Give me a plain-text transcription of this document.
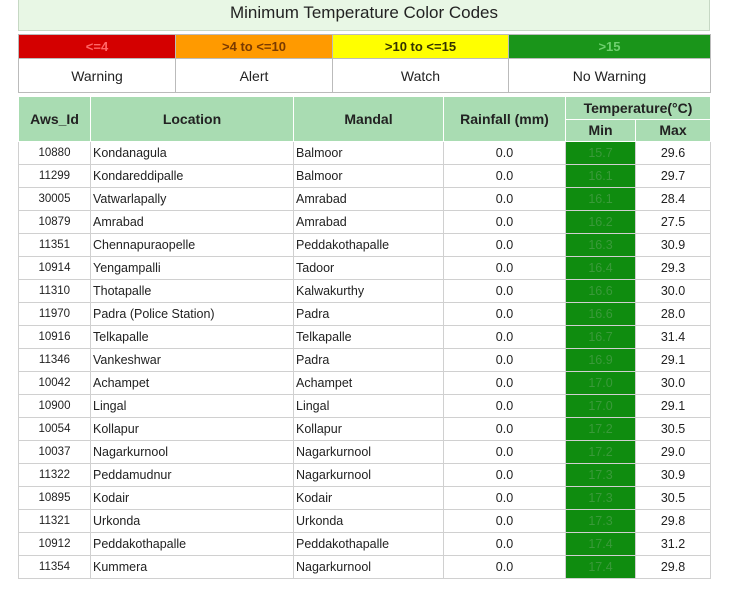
Minimum Temperature Color Codes
<=4	>4 to <=10	>10 to <=15	>15
Warning	Alert	Watch	No Warning
Aws_Id	Location	Mandal	Rainfall (mm)	Temperature(°C)	
				Min	Max
10880	Kondanagula	Balmoor	0.0	15.7	29.6
11299	Kondareddipalle	Balmoor	0.0	16.1	29.7
30005	Vatwarlapally	Amrabad	0.0	16.1	28.4
10879	Amrabad	Amrabad	0.0	16.2	27.5
11351	Chennapuraopelle	Peddakothapalle	0.0	16.3	30.9
10914	Yengampalli	Tadoor	0.0	16.4	29.3
11310	Thotapalle	Kalwakurthy	0.0	16.6	30.0
11970	Padra (Police Station)	Padra	0.0	16.6	28.0
10916	Telkapalle	Telkapalle	0.0	16.7	31.4
11346	Vankeshwar	Padra	0.0	16.9	29.1
10042	Achampet	Achampet	0.0	17.0	30.0
10900	Lingal	Lingal	0.0	17.0	29.1
10054	Kollapur	Kollapur	0.0	17.2	30.5
10037	Nagarkurnool	Nagarkurnool	0.0	17.2	29.0
11322	Peddamudnur	Nagarkurnool	0.0	17.3	30.9
10895	Kodair	Kodair	0.0	17.3	30.5
11321	Urkonda	Urkonda	0.0	17.3	29.8
10912	Peddakothapalle	Peddakothapalle	0.0	17.4	31.2
11354	Kummera	Nagarkurnool	0.0	17.4	29.8
